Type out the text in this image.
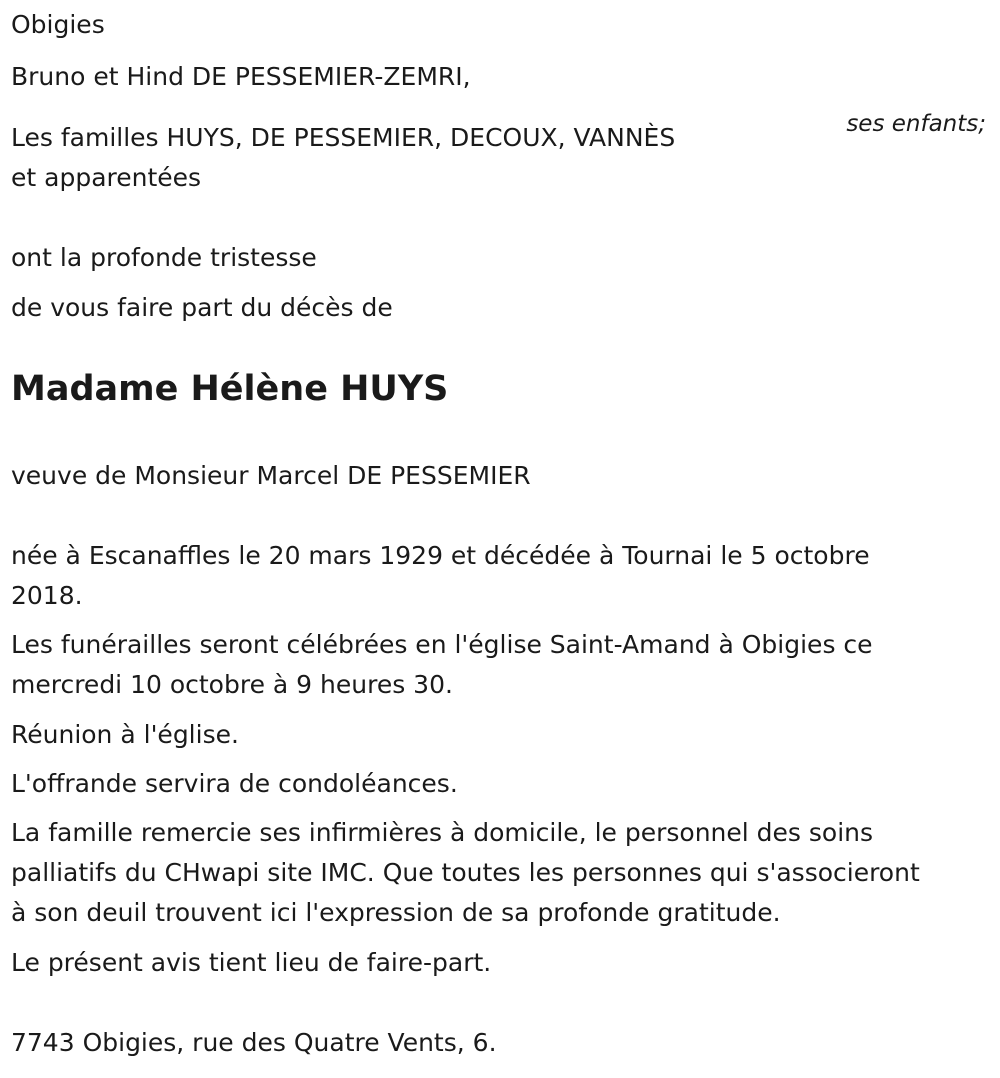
Obigies

Bruno et Hind DE PESSEMIER-ZEMRI,

ses enfants;

Les familles HUYS, DE PESSEMIER, DECOUX, VANNÈS

et apparentées

ont la profonde tristesse

de vous faire part du décès de

Madame Hélène HUYS

veuve de Monsieur Marcel DE PESSEMIER

née à Escanaffles le 20 mars 1929 et décédée à Tournai le 5 octobre

2018.

Les funérailles seront célébrées en l'église Saint-Amand à Obigies ce

mercredi 10 octobre à 9 heures 30.

Réunion à l'église.

L'offrande servira de condoléances.

La famille remercie ses infirmières à domicile, le personnel des soins

palliatifs du CHwapi site IMC. Que toutes les personnes qui s'associeront

à son deuil trouvent ici l'expression de sa profonde gratitude.

Le présent avis tient lieu de faire-part.

7743 Obigies, rue des Quatre Vents, 6.
